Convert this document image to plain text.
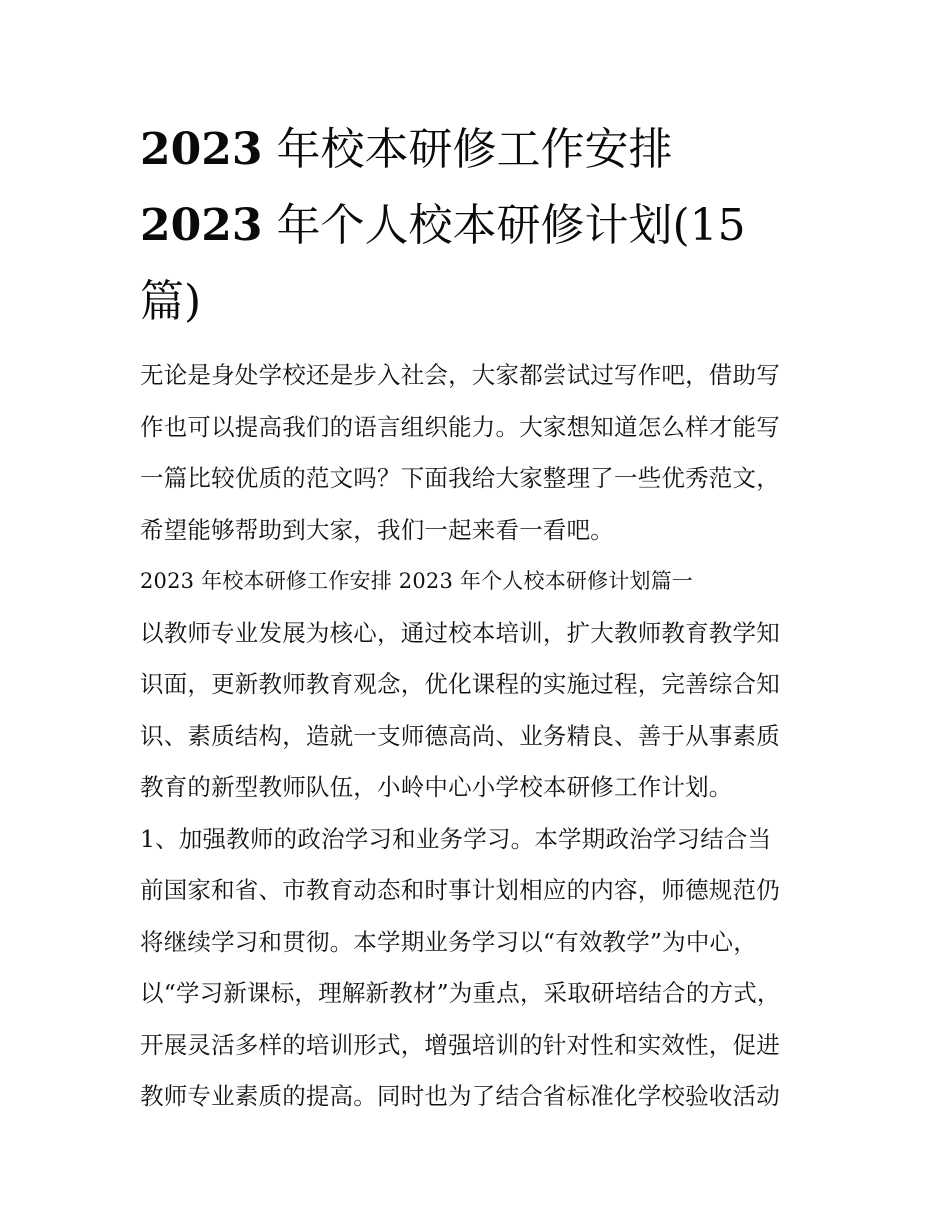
2023 年校本研修工作安排
2023 年个人校本研修计划(15
篇)

无论是身处学校还是步入社会，大家都尝试过写作吧，借助写

作也可以提高我们的语言组织能力。大家想知道怎么样才能写

一篇比较优质的范文吗？下面我给大家整理了一些优秀范文，

希望能够帮助到大家，我们一起来看一看吧。

2023 年校本研修工作安排 2023 年个人校本研修计划篇一

以教师专业发展为核心，通过校本培训，扩大教师教育教学知

识面，更新教师教育观念，优化课程的实施过程，完善综合知

识、素质结构，造就一支师德高尚、业务精良、善于从事素质

教育的新型教师队伍，小岭中心小学校本研修工作计划。

1、加强教师的政治学习和业务学习。本学期政治学习结合当

前国家和省、市教育动态和时事计划相应的内容，师德规范仍

将继续学习和贯彻。本学期业务学习以“有效教学”为中心，

以“学习新课标，理解新教材”为重点，采取研培结合的方式，

开展灵活多样的培训形式，增强培训的针对性和实效性，促进

教师专业素质的提高。同时也为了结合省标准化学校验收活动
